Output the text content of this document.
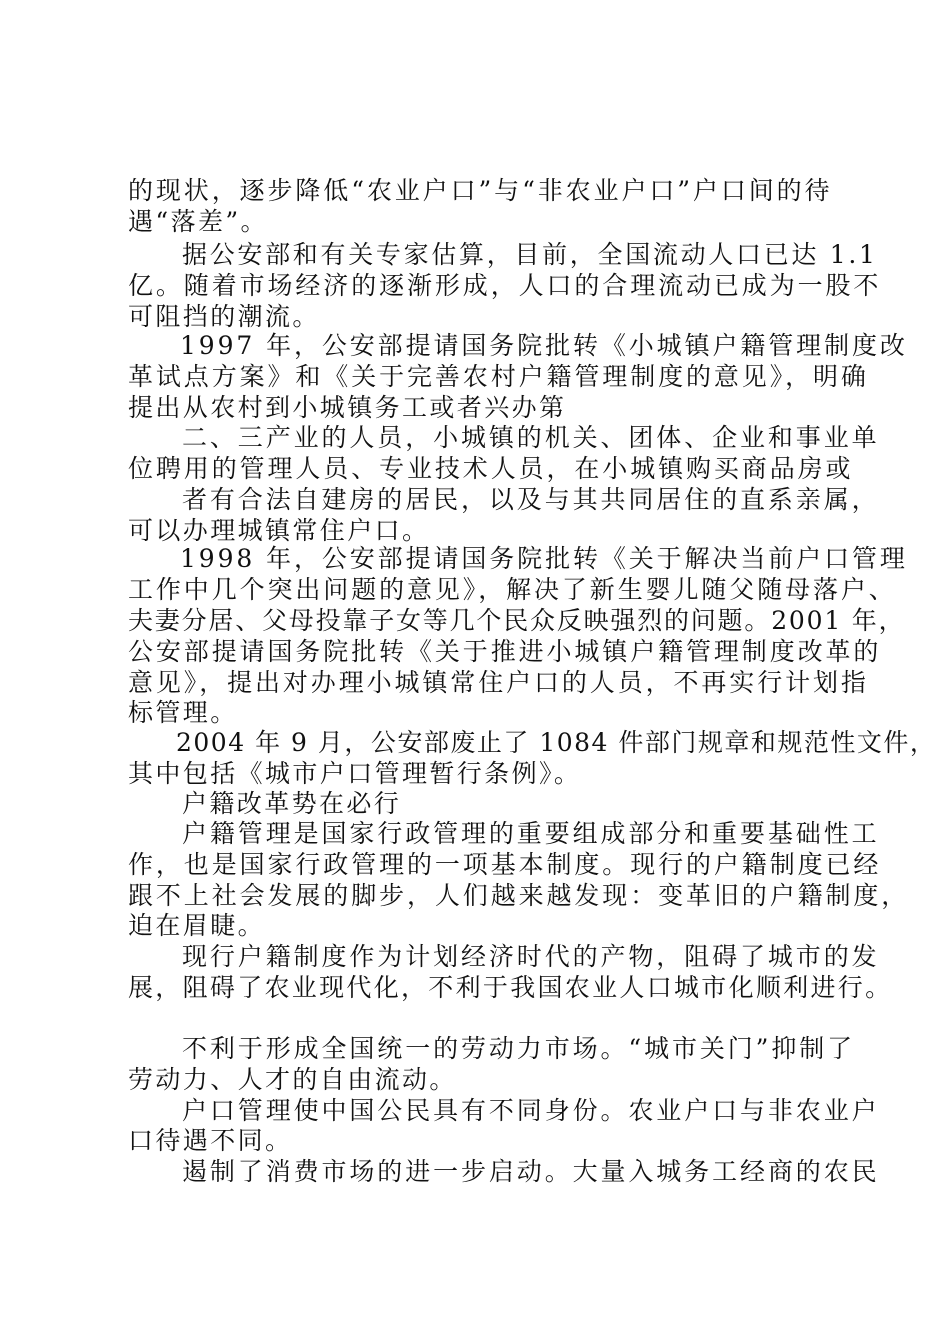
的现状，逐步降低“农业户口”与“非农业户口”户口间的待

遇“落差”。

据公安部和有关专家估算，目前，全国流动人口已达 1.1

亿。随着市场经济的逐渐形成，人口的合理流动已成为一股不

可阻挡的潮流。

1997 年，公安部提请国务院批转《小城镇户籍管理制度改

革试点方案》和《关于完善农村户籍管理制度的意见》，明确

提出从农村到小城镇务工或者兴办第

二、三产业的人员，小城镇的机关、团体、企业和事业单

位聘用的管理人员、专业技术人员，在小城镇购买商品房或

者有合法自建房的居民，以及与其共同居住的直系亲属，

可以办理城镇常住户口。

1998 年，公安部提请国务院批转《关于解决当前户口管理

工作中几个突出问题的意见》，解决了新生婴儿随父随母落户、

夫妻分居、父母投靠子女等几个民众反映强烈的问题。2001 年，

公安部提请国务院批转《关于推进小城镇户籍管理制度改革的

意见》，提出对办理小城镇常住户口的人员，不再实行计划指

标管理。

2004 年 9 月，公安部废止了 1084 件部门规章和规范性文件，

其中包括《城市户口管理暂行条例》。

户籍改革势在必行

户籍管理是国家行政管理的重要组成部分和重要基础性工

作，也是国家行政管理的一项基本制度。现行的户籍制度已经

跟不上社会发展的脚步，人们越来越发现：变革旧的户籍制度，

迫在眉睫。

现行户籍制度作为计划经济时代的产物，阻碍了城市的发

展，阻碍了农业现代化，不利于我国农业人口城市化顺利进行。

不利于形成全国统一的劳动力市场。“城市关门”抑制了

劳动力、人才的自由流动。

户口管理使中国公民具有不同身份。农业户口与非农业户

口待遇不同。

遏制了消费市场的进一步启动。大量入城务工经商的农民
